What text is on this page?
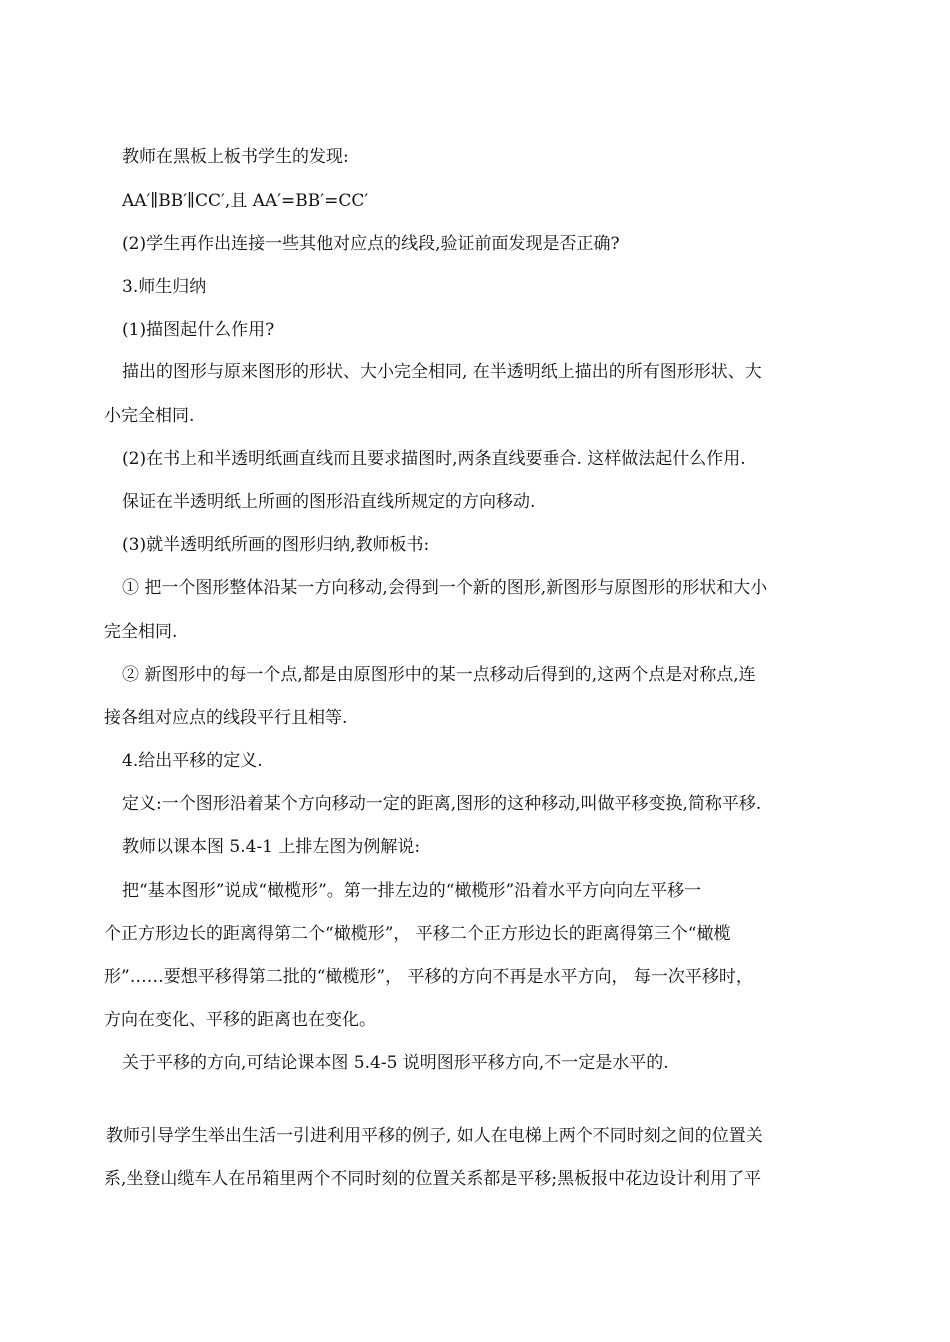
教师在黑板上板书学生的发现:
AA′∥BB′∥CC′,且 AA′=BB′=CC′
(2)学生再作出连接一些其他对应点的线段,验证前面发现是否正确?
3.师生归纳
(1)描图起什么作用?
描出的图形与原来图形的形状、大小完全相同, 在半透明纸上描出的所有图形形状、大
小完全相同.
(2)在书上和半透明纸画直线而且要求描图时,两条直线要垂合. 这样做法起什么作用.
保证在半透明纸上所画的图形沿直线所规定的方向移动.
(3)就半透明纸所画的图形归纳,教师板书:
① 把一个图形整体沿某一方向移动,会得到一个新的图形,新图形与原图形的形状和大小
完全相同.
② 新图形中的每一个点,都是由原图形中的某一点移动后得到的,这两个点是对称点,连
接各组对应点的线段平行且相等.
4.给出平移的定义.
定义:一个图形沿着某个方向移动一定的距离,图形的这种移动,叫做平移变换,简称平移.
教师以课本图 5.4-1 上排左图为例解说:
把“基本图形”说成“橄榄形”。第一排左边的“橄榄形”沿着水平方向向左平移一
个正方形边长的距离得第二个“橄榄形”， 平移二个正方形边长的距离得第三个“橄榄
形”……要想平移得第二批的“橄榄形”， 平移的方向不再是水平方向， 每一次平移时，
方向在变化、平移的距离也在变化。
关于平移的方向,可结论课本图 5.4-5 说明图形平移方向,不一定是水平的.
教师引导学生举出生活一引进利用平移的例子, 如人在电梯上两个不同时刻之间的位置关
系,坐登山缆车人在吊箱里两个不同时刻的位置关系都是平移;黑板报中花边设计利用了平
